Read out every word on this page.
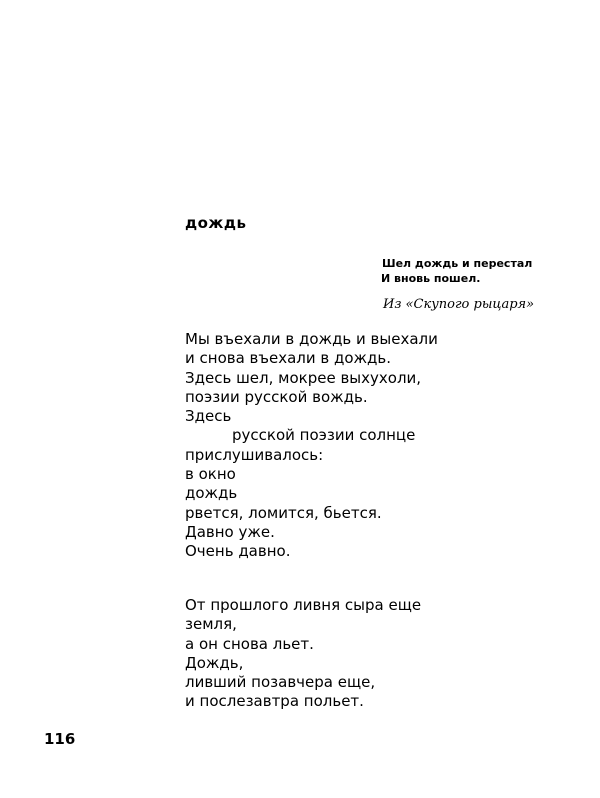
дождь
Шел дождь и перестал
И вновь пошел.
Из «Скупого рыцаря»
Мы въехали в дождь и выехали
и снова въехали в дождь.
Здесь шел, мокрее выхухоли,
поэзии русской вождь.
Здесь
русской поэзии солнце
прислушивалось:
в окно
дождь
рвется, ломится, бьется.
Давно уже.
Очень давно.
От прошлого ливня сыра еще
земля,
а он снова льет.
Дождь,
ливший позавчера еще,
и послезавтра польет.
116
